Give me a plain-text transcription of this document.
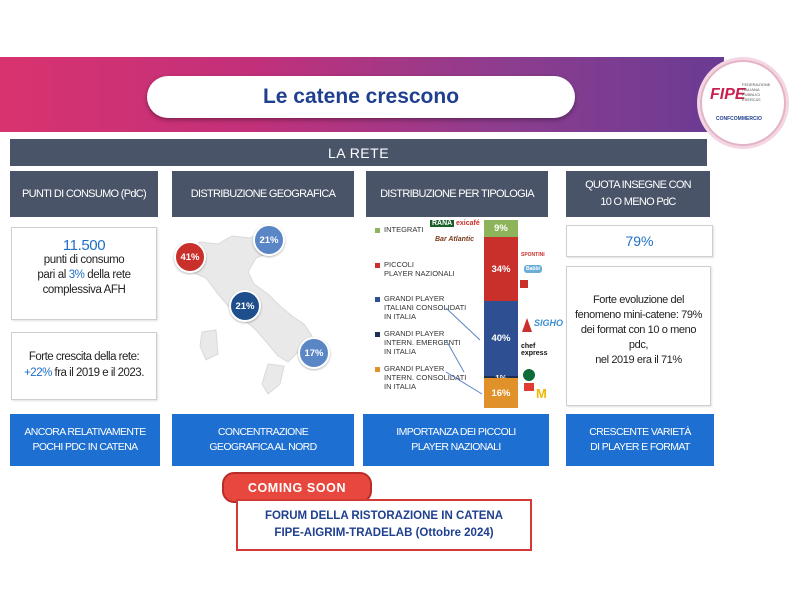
Le catene crescono	FIPE
FEDERAZIONE
ITALIANA
PUBBLICI
ESERCIZI
CONFCOMMERCIO
LA RETE
PUNTI DI CONSUMO (PdC)	DISTRIBUZIONE GEOGRAFICA	DISTRIBUZIONE PER TIPOLOGIA
QUOTA INSEGNE CON 10 O MENO PdC
11.500
punti di consumo
pari al 3% della rete
complessiva AFH
Forte crescita della rete:
+22% fra il 2019 e il 2023.
41%
21%
21%
17%
INTEGRATI
PICCOLI
PLAYER NAZIONALI
GRANDI PLAYER
ITALIANI CONSOLIDATI
IN ITALIA
GRANDI PLAYER
INTERN. EMERGENTI
IN ITALIA
GRANDI PLAYER
INTERN. CONSOLIDATI
IN ITALIA
9%
34%
40%
16%
RANA exicafé
Bar Atlantic
SPONTINI
Babbi
SIGHO
chef express
M
79%
Forte evoluzione del
fenomeno mini-catene: 79%
dei format con 10 o meno
pdc,
nel 2019 era il 71%
ANCORA RELATIVAMENTE POCHI PDC IN CATENA
CONCENTRAZIONE GEOGRAFICA AL NORD
IMPORTANZA DEI PICCOLI PLAYER NAZIONALI
CRESCENTE VARIETÀ DI PLAYER E FORMAT
COMING SOON
FORUM DELLA RISTORAZIONE IN CATENA
FIPE-AIGRIM-TRADELAB (Ottobre 2024)
